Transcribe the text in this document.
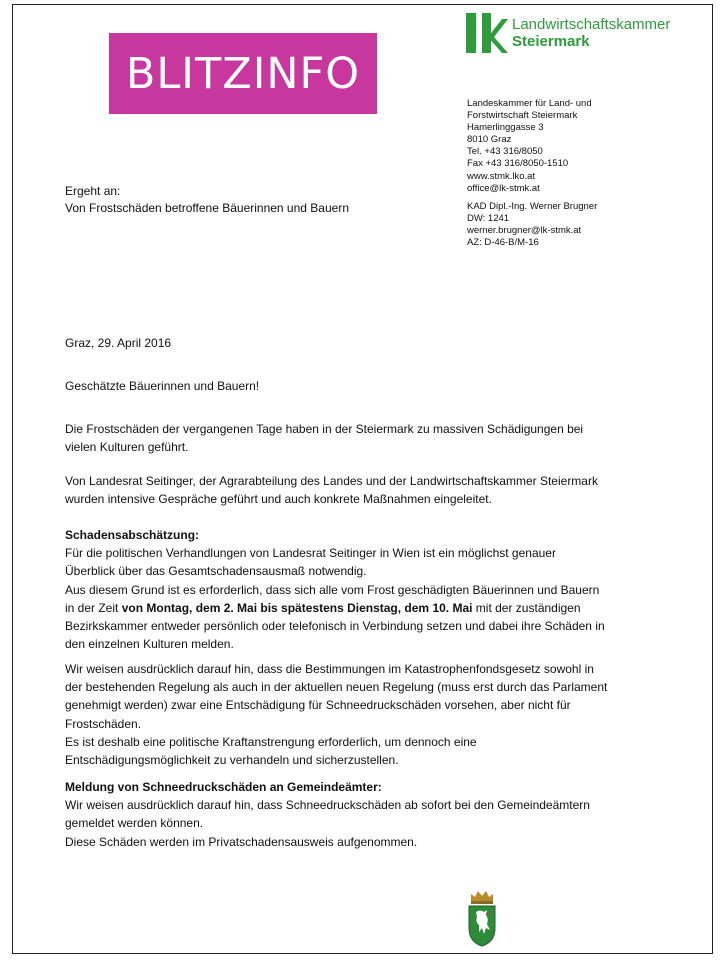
BLITZINFO
Landwirtschaftskammer
Steiermark
Landeskammer für Land- und
Forstwirtschaft Steiermark
Hamerlinggasse 3
8010 Graz
Tel. +43 316/8050
Fax +43 316/8050-1510
www.stmk.lko.at
office@lk-stmk.at
KAD Dipl.-Ing. Werner Brugner
DW: 1241
werner.brugner@lk-stmk.at
AZ: D-46-B/M-16
Ergeht an:
Von Frostschäden betroffene Bäuerinnen und Bauern
Graz, 29. April 2016
Geschätzte Bäuerinnen und Bauern!
Die Frostschäden der vergangenen Tage haben in der Steiermark zu massiven Schädigungen bei
vielen Kulturen geführt.
Von Landesrat Seitinger, der Agrarabteilung des Landes und der Landwirtschaftskammer Steiermark
wurden intensive Gespräche geführt und auch konkrete Maßnahmen eingeleitet.
Schadensabschätzung:
Für die politischen Verhandlungen von Landesrat Seitinger in Wien ist ein möglichst genauer
Überblick über das Gesamtschadensausmaß notwendig.
Aus diesem Grund ist es erforderlich, dass sich alle vom Frost geschädigten Bäuerinnen und Bauern
in der Zeit von Montag, dem 2. Mai bis spätestens Dienstag, dem 10. Mai mit der zuständigen
Bezirkskammer entweder persönlich oder telefonisch in Verbindung setzen und dabei ihre Schäden in
den einzelnen Kulturen melden.
Wir weisen ausdrücklich darauf hin, dass die Bestimmungen im Katastrophenfondsgesetz sowohl in
der bestehenden Regelung als auch in der aktuellen neuen Regelung (muss erst durch das Parlament
genehmigt werden) zwar eine Entschädigung für Schneedruckschäden vorsehen, aber nicht für
Frostschäden.
Es ist deshalb eine politische Kraftanstrengung erforderlich, um dennoch eine
Entschädigungsmöglichkeit zu verhandeln und sicherzustellen.
Meldung von Schneedruckschäden an Gemeindeämter:
Wir weisen ausdrücklich darauf hin, dass Schneedruckschäden ab sofort bei den Gemeindeämtern
gemeldet werden können.
Diese Schäden werden im Privatschadensausweis aufgenommen.
